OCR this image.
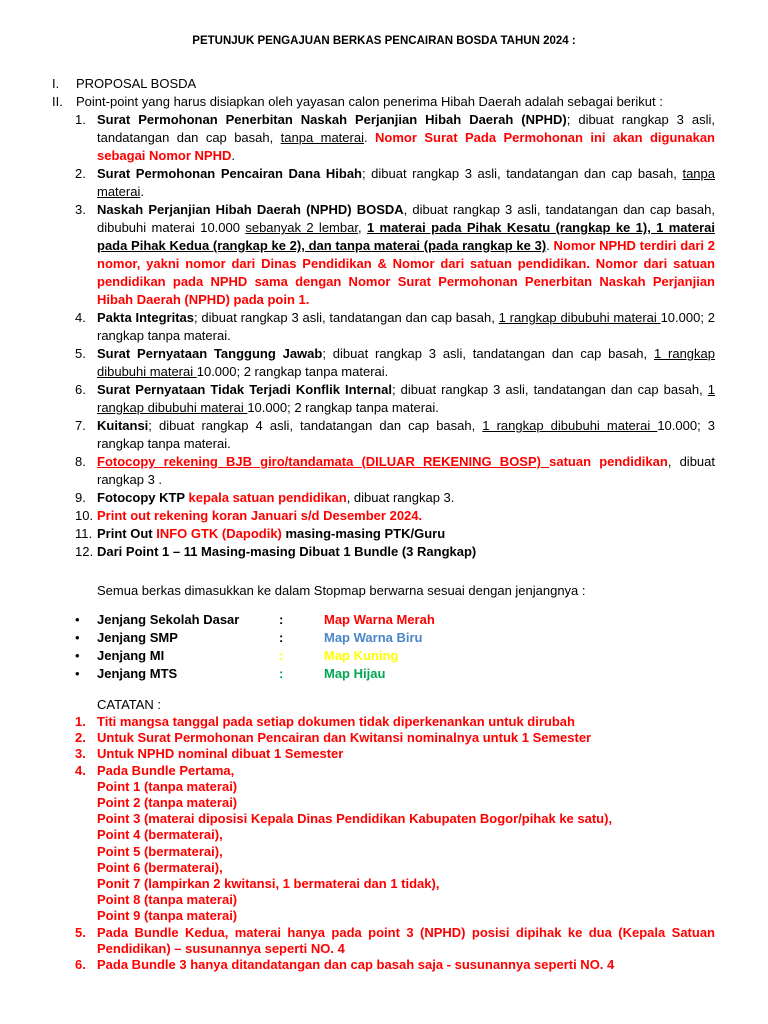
PETUNJUK PENGAJUAN BERKAS PENCAIRAN BOSDA TAHUN 2024 :
I. PROPOSAL BOSDA
II. Point-point yang harus disiapkan oleh yayasan calon penerima Hibah Daerah adalah sebagai berikut :
1. Surat Permohonan Penerbitan Naskah Perjanjian Hibah Daerah (NPHD); dibuat rangkap 3 asli, tandatangan dan cap basah, tanpa materai. Nomor Surat Pada Permohonan ini akan digunakan sebagai Nomor NPHD.
2. Surat Permohonan Pencairan Dana Hibah; dibuat rangkap 3 asli, tandatangan dan cap basah, tanpa materai.
3. Naskah Perjanjian Hibah Daerah (NPHD) BOSDA, dibuat rangkap 3 asli, tandatangan dan cap basah, dibubuhi materai 10.000 sebanyak 2 lembar, 1 materai pada Pihak Kesatu (rangkap ke 1), 1 materai pada Pihak Kedua (rangkap ke 2), dan tanpa materai (pada rangkap ke 3). Nomor NPHD terdiri dari 2 nomor, yakni nomor dari Dinas Pendidikan & Nomor dari satuan pendidikan. Nomor dari satuan pendidikan pada NPHD sama dengan Nomor Surat Permohonan Penerbitan Naskah Perjanjian Hibah Daerah (NPHD) pada poin 1.
4. Pakta Integritas; dibuat rangkap 3 asli, tandatangan dan cap basah, 1 rangkap dibubuhi materai 10.000; 2 rangkap tanpa materai.
5. Surat Pernyataan Tanggung Jawab; dibuat rangkap 3 asli, tandatangan dan cap basah, 1 rangkap dibubuhi materai 10.000; 2 rangkap tanpa materai.
6. Surat Pernyataan Tidak Terjadi Konflik Internal; dibuat rangkap 3 asli, tandatangan dan cap basah, 1 rangkap dibubuhi materai 10.000; 2 rangkap tanpa materai.
7. Kuitansi; dibuat rangkap 4 asli, tandatangan dan cap basah, 1 rangkap dibubuhi materai 10.000; 3 rangkap tanpa materai.
8. Fotocopy rekening BJB giro/tandamata (DILUAR REKENING BOSP) satuan pendidikan, dibuat rangkap 3 .
9. Fotocopy KTP kepala satuan pendidikan, dibuat rangkap 3.
10. Print out rekening koran Januari s/d Desember 2024.
11. Print Out INFO GTK (Dapodik) masing-masing PTK/Guru
12. Dari Point 1 – 11 Masing-masing Dibuat 1 Bundle (3 Rangkap)
Semua berkas dimasukkan ke dalam Stopmap berwarna sesuai dengan jenjangnya :
• Jenjang Sekolah Dasar	:	Map Warna Merah
• Jenjang SMP	:	Map Warna Biru
• Jenjang MI	:	Map Kuning
• Jenjang MTS	:	Map Hijau
CATATAN :
1. Titi mangsa tanggal pada setiap dokumen tidak diperkenankan untuk dirubah
2. Untuk Surat Permohonan Pencairan dan Kwitansi nominalnya untuk 1 Semester
3. Untuk NPHD nominal dibuat 1 Semester
4. Pada Bundle Pertama,
Point 1 (tanpa materai)
Point 2 (tanpa materai)
Point 3 (materai diposisi Kepala Dinas Pendidikan Kabupaten Bogor/pihak ke satu),
Point 4 (bermaterai),
Point 5 (bermaterai),
Point 6 (bermaterai),
Ponit 7 (lampirkan 2 kwitansi, 1 bermaterai dan 1 tidak),
Point 8 (tanpa materai)
Point 9 (tanpa materai)
5. Pada Bundle Kedua, materai hanya pada point 3 (NPHD) posisi dipihak ke dua (Kepala Satuan Pendidikan) – susunannya seperti NO. 4
6. Pada Bundle 3 hanya ditandatangan dan cap basah saja - susunannya seperti NO. 4
